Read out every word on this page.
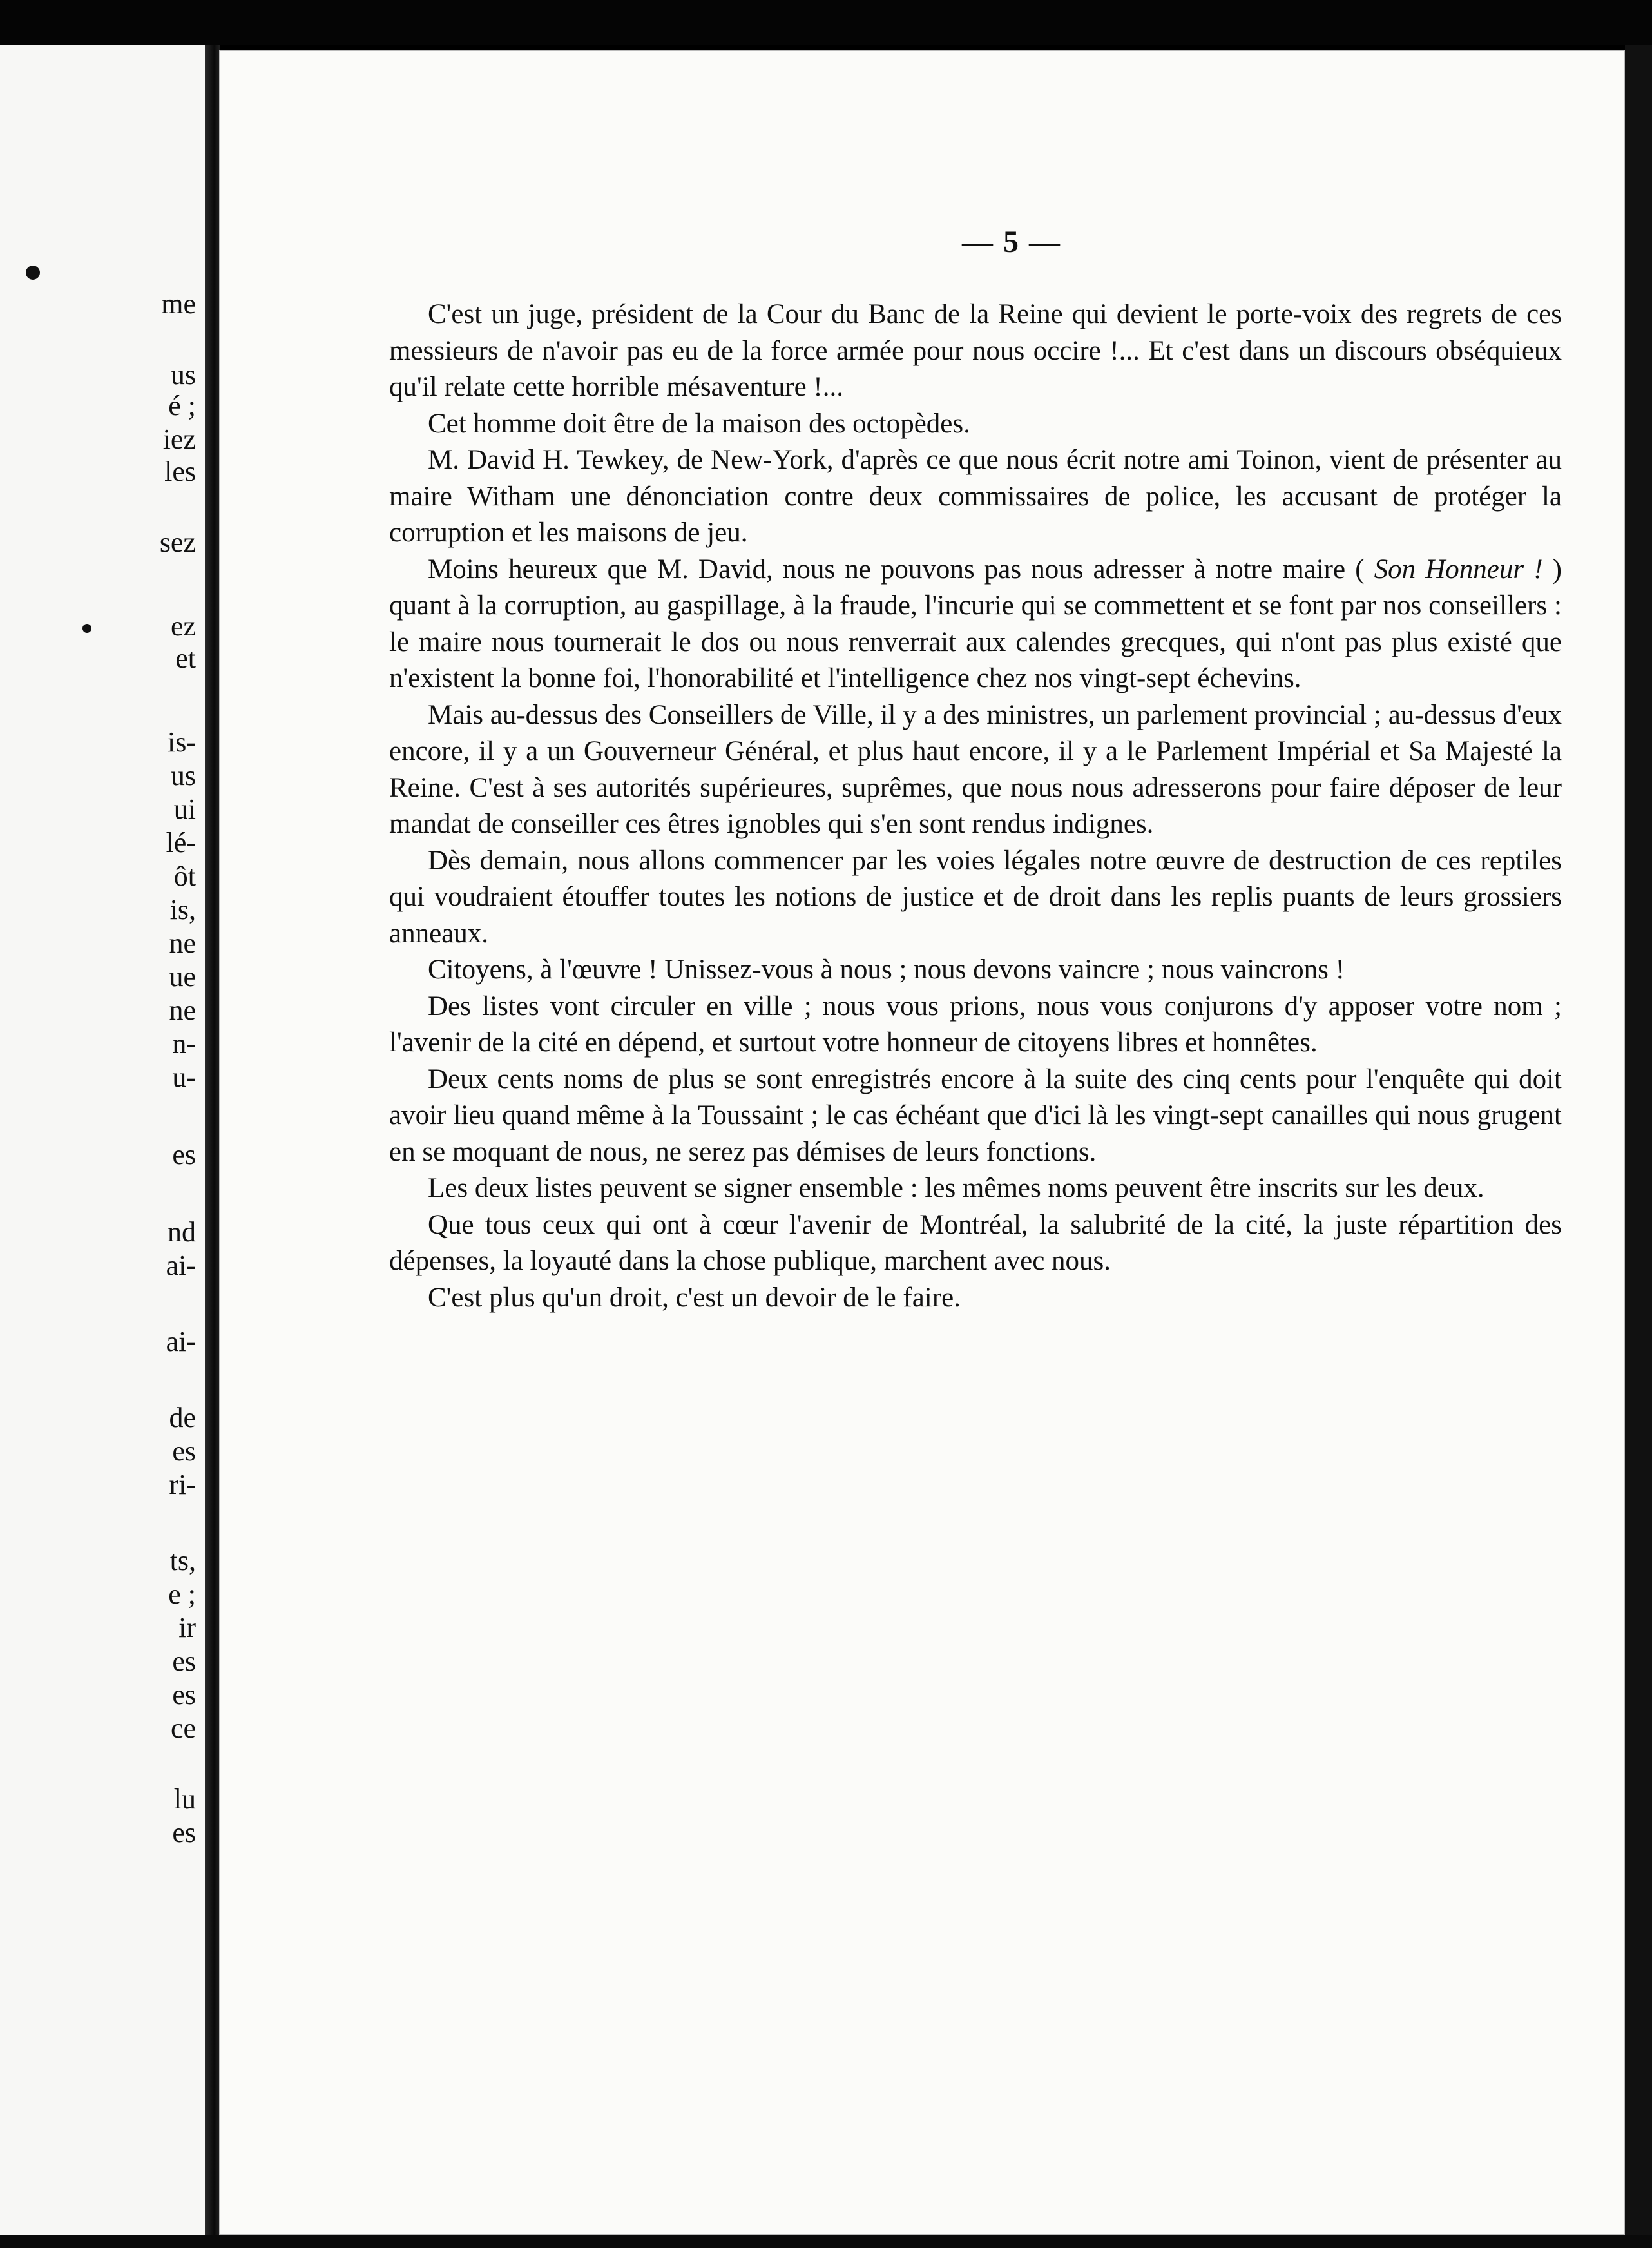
me

us

é ;

iez

les

sez

ez

et

is-

us

ui

lé-

ôt

is,

ne

ue

ne

n-

u-

es

nd

ai-

ai-

de

es

ri-

ts,

e ;

ir

es

es

ce

lu

es

— 5 —

C'est un juge, président de la Cour du Banc de la Reine qui devient le porte-voix des regrets de ces messieurs de n'avoir pas eu de la force armée pour nous occire !... Et c'est dans un discours obséquieux qu'il relate cette horrible mésaventure !...

Cet homme doit être de la maison des octopèdes.

M. David H. Tewkey, de New-York, d'après ce que nous écrit notre ami Toinon, vient de présenter au maire Witham une dénonciation contre deux commissaires de police, les accusant de protéger la corruption et les maisons de jeu.

Moins heureux que M. David, nous ne pouvons pas nous adresser à notre maire ( Son Honneur ! ) quant à la corruption, au gaspillage, à la fraude, l'incurie qui se commettent et se font par nos conseillers : le maire nous tournerait le dos ou nous renverrait aux calendes grecques, qui n'ont pas plus existé que n'existent la bonne foi, l'honorabilité et l'intelligence chez nos vingt-sept échevins.

Mais au-dessus des Conseillers de Ville, il y a des ministres, un parlement provincial ; au-dessus d'eux encore, il y a un Gouverneur Général, et plus haut encore, il y a le Parlement Impérial et Sa Majesté la Reine. C'est à ses autorités supérieures, suprêmes, que nous nous adresserons pour faire déposer de leur mandat de conseiller ces êtres ignobles qui s'en sont rendus indignes.

Dès demain, nous allons commencer par les voies légales notre œuvre de destruction de ces reptiles qui voudraient étouffer toutes les notions de justice et de droit dans les replis puants de leurs grossiers anneaux.

Citoyens, à l'œuvre ! Unissez-vous à nous ; nous devons vaincre ; nous vaincrons !

Des listes vont circuler en ville ; nous vous prions, nous vous conjurons d'y apposer votre nom ; l'avenir de la cité en dépend, et surtout votre honneur de citoyens libres et honnêtes.

Deux cents noms de plus se sont enregistrés encore à la suite des cinq cents pour l'enquête qui doit avoir lieu quand même à la Toussaint ; le cas échéant que d'ici là les vingt-sept canailles qui nous grugent en se moquant de nous, ne serez pas démises de leurs fonctions.

Les deux listes peuvent se signer ensemble : les mêmes noms peuvent être inscrits sur les deux.

Que tous ceux qui ont à cœur l'avenir de Montréal, la salubrité de la cité, la juste répartition des dépenses, la loyauté dans la chose publique, marchent avec nous.

C'est plus qu'un droit, c'est un devoir de le faire.
